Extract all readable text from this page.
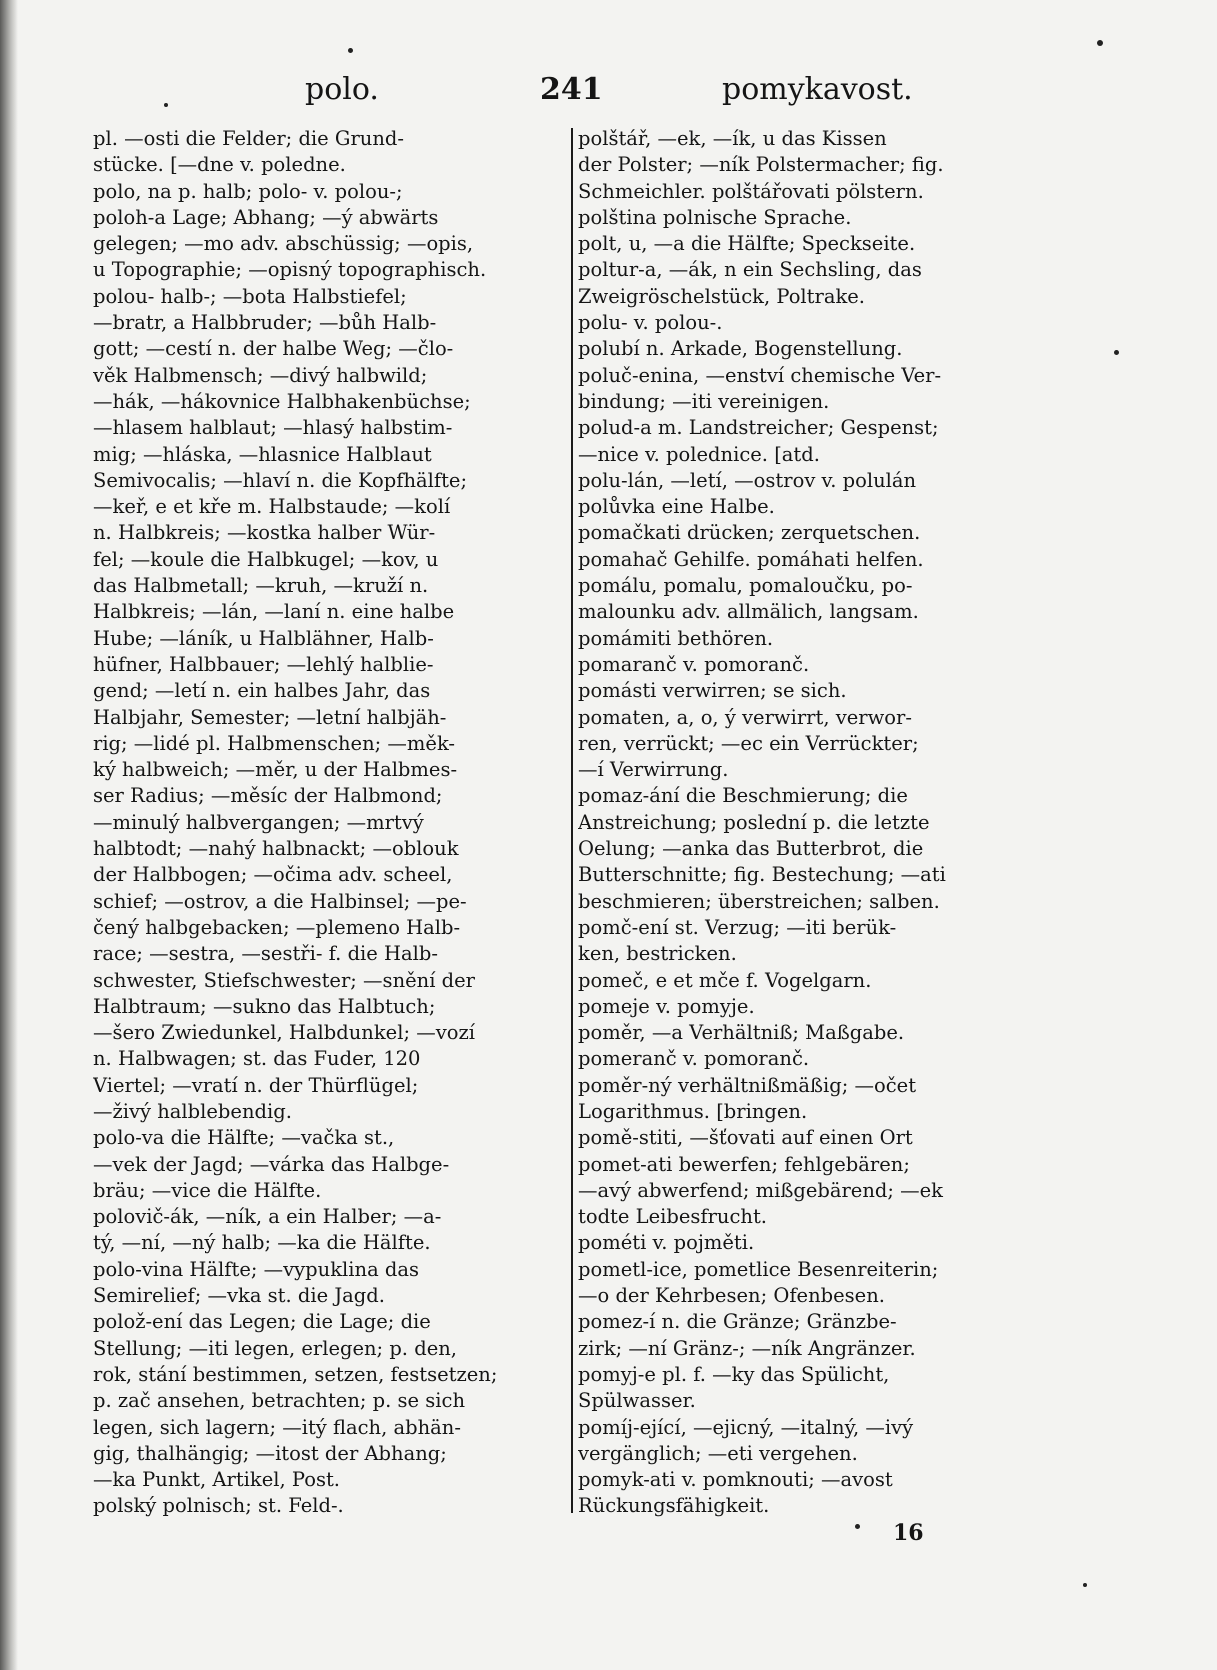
polo.	241	pomykavost.
pl. —osti die Felder; die Grund-
stücke. [—dne v. poledne.
polo, na p. halb; polo- v. polou-;
poloh-a Lage; Abhang; —ý abwärts
gelegen; —mo adv. abschüssig; —opis,
u Topographie; —opisný topographisch.
polou- halb-; —bota Halbstiefel;
—bratr, a Halbbruder; —bůh Halb-
gott; —cestí n. der halbe Weg; —člo-
věk Halbmensch; —divý halbwild;
—hák, —hákovnice Halbhakenbüchse;
—hlasem halblaut; —hlasý halbstim-
mig; —hláska, —hlasnice Halblaut
Semivocalis; —hlaví n. die Kopfhälfte;
—keř, e et kře m. Halbstaude; —kolí
n. Halbkreis; —kostka halber Wür-
fel; —koule die Halbkugel; —kov, u
das Halbmetall; —kruh, —kruží n.
Halbkreis; —lán, —laní n. eine halbe
Hube; —láník, u Halblähner, Halb-
hüfner, Halbbauer; —lehlý halblie-
gend; —letí n. ein halbes Jahr, das
Halbjahr, Semester; —letní halbjäh-
rig; —lidé pl. Halbmenschen; —měk-
ký halbweich; —měr, u der Halbmes-
ser Radius; —měsíc der Halbmond;
—minulý halbvergangen; —mrtvý
halbtodt; —nahý halbnackt; —oblouk
der Halbbogen; —očima adv. scheel,
schief; —ostrov, a die Halbinsel; —pe-
čený halbgebacken; —plemeno Halb-
race; —sestra, —sestři- f. die Halb-
schwester, Stiefschwester; —snění der
Halbtraum; —sukno das Halbtuch;
—šero Zwiedunkel, Halbdunkel; —vozí
n. Halbwagen; st. das Fuder, 120
Viertel; —vratí n. der Thürflügel;
—živý halblebendig.
polo-va die Hälfte; —vačka st.,
—vek der Jagd; —várka das Halbge-
bräu; —vice die Hälfte.
polovič-ák, —ník, a ein Halber; —a-
tý, —ní, —ný halb; —ka die Hälfte.
polo-vina Hälfte; —vypuklina das
Semirelief; —vka st. die Jagd.
polož-ení das Legen; die Lage; die
Stellung; —iti legen, erlegen; p. den,
rok, stání bestimmen, setzen, festsetzen;
p. zač ansehen, betrachten; p. se sich
legen, sich lagern; —itý flach, abhän-
gig, thalhängig; —itost der Abhang;
—ka Punkt, Artikel, Post.
polský polnisch; st. Feld-.
polštář, —ek, —ík, u das Kissen
der Polster; —ník Polstermacher; fig.
Schmeichler. polštářovati pölstern.
polština polnische Sprache.
polt, u, —a die Hälfte; Speckseite.
poltur-a, —ák, n ein Sechsling, das
Zweigröschelstück, Poltrake.
polu- v. polou-.
polubí n. Arkade, Bogenstellung.
poluč-enina, —enství chemische Ver-
bindung; —iti vereinigen.
polud-a m. Landstreicher; Gespenst;
—nice v. polednice. [atd.
polu-lán, —letí, —ostrov v. polulán
polůvka eine Halbe.
pomačkati drücken; zerquetschen.
pomahač Gehilfe. pomáhati helfen.
pomálu, pomalu, pomaloučku, po-
malounku adv. allmälich, langsam.
pomámiti bethören.
pomaranč v. pomoranč.
pomásti verwirren; se sich.
pomaten, a, o, ý verwirrt, verwor-
ren, verrückt; —ec ein Verrückter;
—í Verwirrung.
pomaz-ání die Beschmierung; die
Anstreichung; poslední p. die letzte
Oelung; —anka das Butterbrot, die
Butterschnitte; fig. Bestechung; —ati
beschmieren; überstreichen; salben.
pomč-ení st. Verzug; —iti berük-
ken, bestricken.
pomeč, e et mče f. Vogelgarn.
pomeje v. pomyje.
poměr, —a Verhältniß; Maßgabe.
pomeranč v. pomoranč.
poměr-ný verhältnißmäßig; —očet
Logarithmus. [bringen.
pomě-stiti, —šťovati auf einen Ort
pomet-ati bewerfen; fehlgebären;
—avý abwerfend; mißgebärend; —ek
todte Leibesfrucht.
pométi v. pojměti.
pometl-ice, pometlice Besenreiterin;
—o der Kehrbesen; Ofenbesen.
pomez-í n. die Gränze; Gränzbe-
zirk; —ní Gränz-; —ník Angränzer.
pomyj-e pl. f. —ky das Spülicht,
Spülwasser.
pomíj-ející, —ejicný, —italný, —ivý
vergänglich; —eti vergehen.
pomyk-ati v. pomknouti; —avost
Rückungsfähigkeit.
16
